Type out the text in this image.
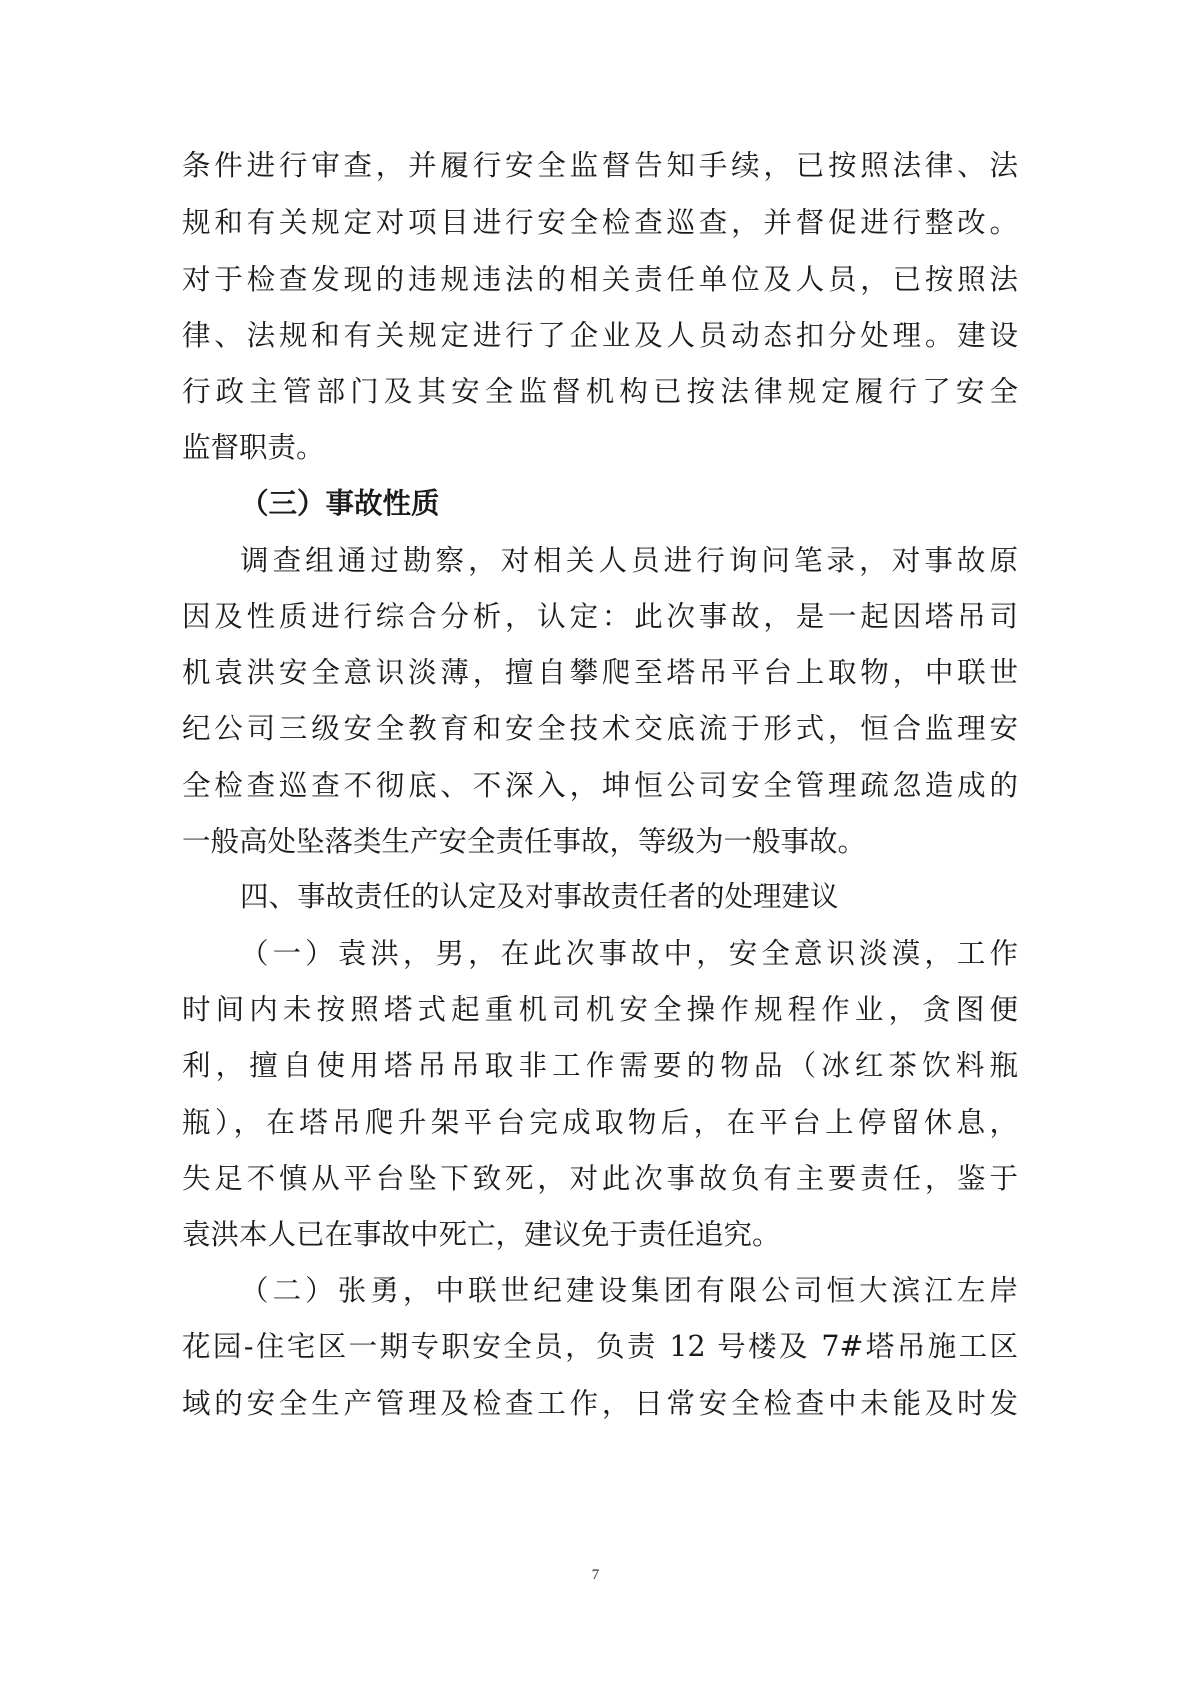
条件进行审查，并履行安全监督告知手续，已按照法律、法
规和有关规定对项目进行安全检查巡查，并督促进行整改。
对于检查发现的违规违法的相关责任单位及人员，已按照法
律、法规和有关规定进行了企业及人员动态扣分处理。建设
行政主管部门及其安全监督机构已按法律规定履行了安全
监督职责。
（三）事故性质
调查组通过勘察，对相关人员进行询问笔录，对事故原
因及性质进行综合分析，认定：此次事故，是一起因塔吊司
机袁洪安全意识淡薄，擅自攀爬至塔吊平台上取物，中联世
纪公司三级安全教育和安全技术交底流于形式，恒合监理安
全检查巡查不彻底、不深入，坤恒公司安全管理疏忽造成的
一般高处坠落类生产安全责任事故，等级为一般事故。
四、事故责任的认定及对事故责任者的处理建议
（一）袁洪，男，在此次事故中，安全意识淡漠，工作
时间内未按照塔式起重机司机安全操作规程作业，贪图便
利，擅自使用塔吊吊取非工作需要的物品（冰红茶饮料瓶
瓶），在塔吊爬升架平台完成取物后，在平台上停留休息，
失足不慎从平台坠下致死，对此次事故负有主要责任，鉴于
袁洪本人已在事故中死亡，建议免于责任追究。
（二）张勇，中联世纪建设集团有限公司恒大滨江左岸
花园-住宅区一期专职安全员，负责 12 号楼及 7#塔吊施工区
域的安全生产管理及检查工作，日常安全检查中未能及时发
7
